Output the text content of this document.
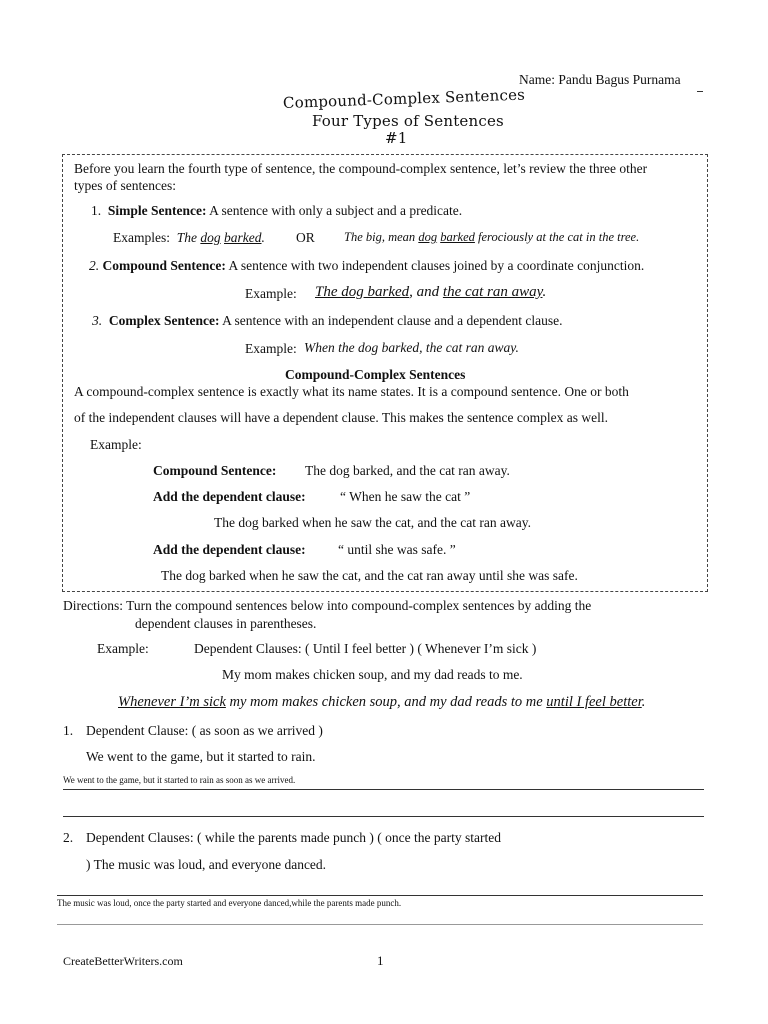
Name: Pandu Bagus Purnama
Compound-Complex Sentences
Four Types of Sentences
#1
Before you learn the fourth type of sentence, the compound-complex sentence, let’s review the three other
types of sentences:
1. Simple Sentence: A sentence with only a subject and a predicate.
Examples: The dog barked. OR The big, mean dog barked ferociously at the cat in the tree.
2. Compound Sentence: A sentence with two independent clauses joined by a coordinate conjunction.
Example: The dog barked, and the cat ran away.
3. Complex Sentence: A sentence with an independent clause and a dependent clause.
Example: When the dog barked, the cat ran away.
Compound-Complex Sentences
A compound-complex sentence is exactly what its name states. It is a compound sentence. One or both
of the independent clauses will have a dependent clause. This makes the sentence complex as well.
Example:
Compound Sentence: The dog barked, and the cat ran away.
Add the dependent clause:	“ When he saw the cat ”
The dog barked when he saw the cat, and the cat ran away.
Add the dependent clause: “ until she was safe. ”
The dog barked when he saw the cat, and the cat ran away until she was safe.
Directions: Turn the compound sentences below into compound-complex sentences by adding the
dependent clauses in parentheses.
Example:	Dependent Clauses: ( Until I feel better ) ( Whenever I’m sick )
My mom makes chicken soup, and my dad reads to me.
Whenever I’m sick my mom makes chicken soup, and my dad reads to me until I feel better.
1. Dependent Clause: ( as soon as we arrived )
We went to the game, but it started to rain.
We went to the game, but it started to rain as soon as we arrived.
2. Dependent Clauses: ( while the parents made punch ) ( once the party started
) The music was loud, and everyone danced.
The music was loud, once the party started and everyone danced,while the parents made punch.
CreateBetterWriters.com	1
